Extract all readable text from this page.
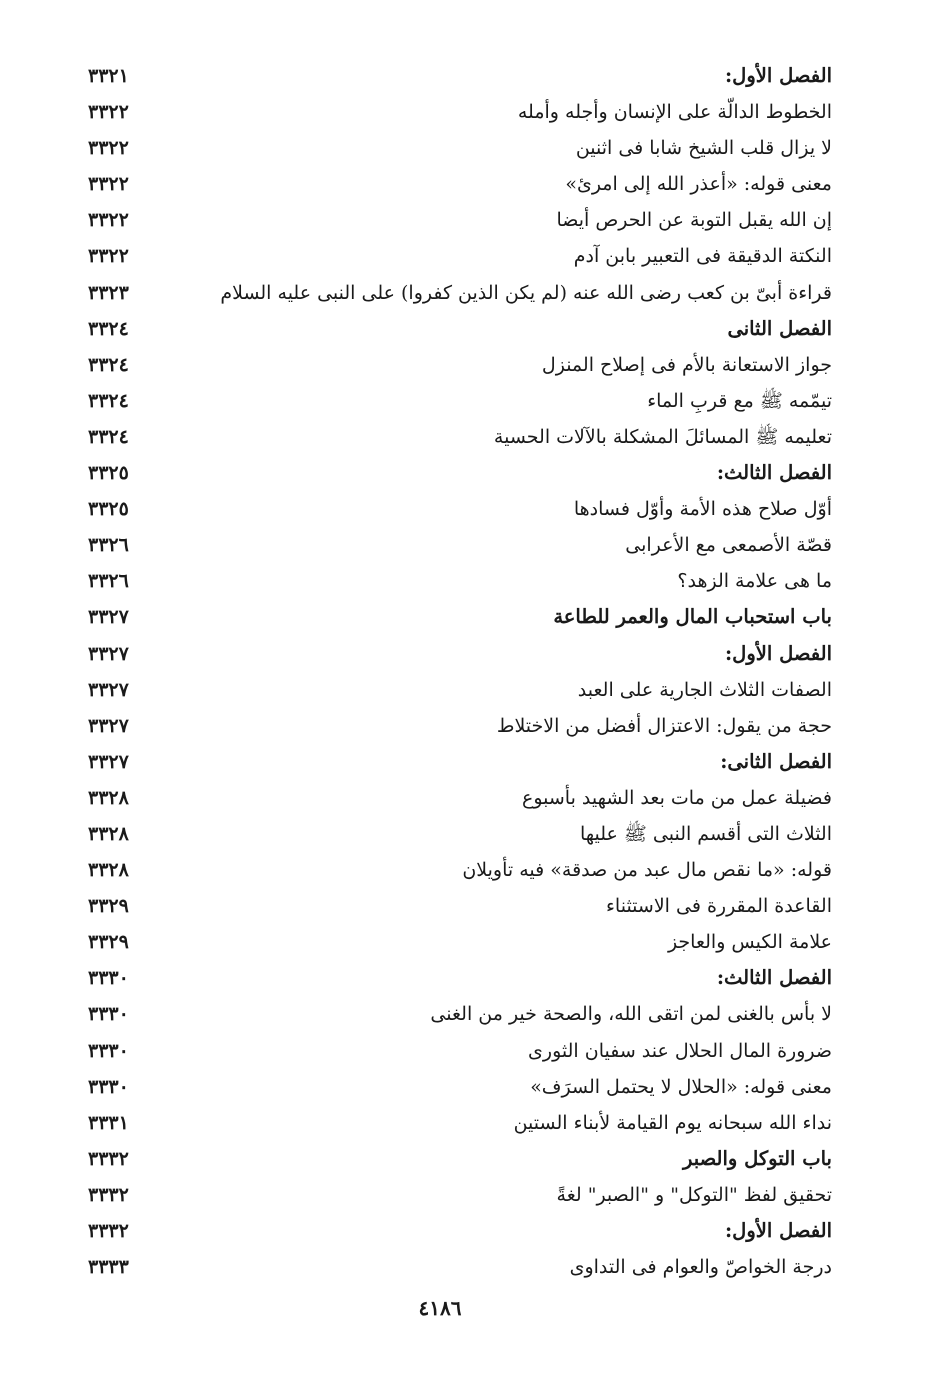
الفصل الأول:
٣٣٢١
الخطوط الدالّة على الإنسان وأجله وأمله
٣٣٢٢
لا يزال قلب الشيخ شابا فى اثنين
٣٣٢٢
معنى قوله: «أعذر الله إلى امرئ»
٣٣٢٢
إن الله يقبل التوبة عن الحرص أيضا
٣٣٢٢
النكتة الدقيقة فى التعبير بابن آدم
٣٣٢٢
قراءة أبىّ بن كعب رضى الله عنه (لم يكن الذين كفروا) على النبى عليه السلام
٣٣٢٣
الفصل الثانى
٣٣٢٤
جواز الاستعانة بالأم فى إصلاح المنزل
٣٣٢٤
تيمّمه ﷺ مع قربِ الماء
٣٣٢٤
تعليمه ﷺ المسائلَ المشكلة بالآلات الحسية
٣٣٢٤
الفصل الثالث:
٣٣٢٥
أوّل صلاح هذه الأمة وأوّل فسادها
٣٣٢٥
قصّة الأصمعى مع الأعرابى
٣٣٢٦
ما هى علامة الزهد؟
٣٣٢٦
باب استحباب المال والعمر للطاعة
٣٣٢٧
الفصل الأول:
٣٣٢٧
الصفات الثلاث الجارية على العبد
٣٣٢٧
حجة من يقول: الاعتزال أفضل من الاختلاط
٣٣٢٧
الفصل الثانى:
٣٣٢٧
فضيلة عمل من مات بعد الشهيد بأسبوع
٣٣٢٨
الثلاث التى أقسم النبى ﷺ عليها
٣٣٢٨
قوله: «ما نقص مال عبد من صدقة» فيه تأويلان
٣٣٢٨
القاعدة المقررة فى الاستثناء
٣٣٢٩
علامة الكيس والعاجز
٣٣٢٩
الفصل الثالث:
٣٣٣٠
لا بأس بالغنى لمن اتقى الله، والصحة خير من الغنى
٣٣٣٠
ضرورة المال الحلال عند سفيان الثورى
٣٣٣٠
معنى قوله: «الحلال لا يحتمل السرَف»
٣٣٣٠
نداء الله سبحانه يوم القيامة لأبناء الستين
٣٣٣١
باب التوكل والصبر
٣٣٣٢
تحقيق لفظ "التوكل" و "الصبر" لغةً
٣٣٣٢
الفصل الأول:
٣٣٣٢
درجة الخواصّ والعوام فى التداوى
٣٣٣٣
٤١٨٦
